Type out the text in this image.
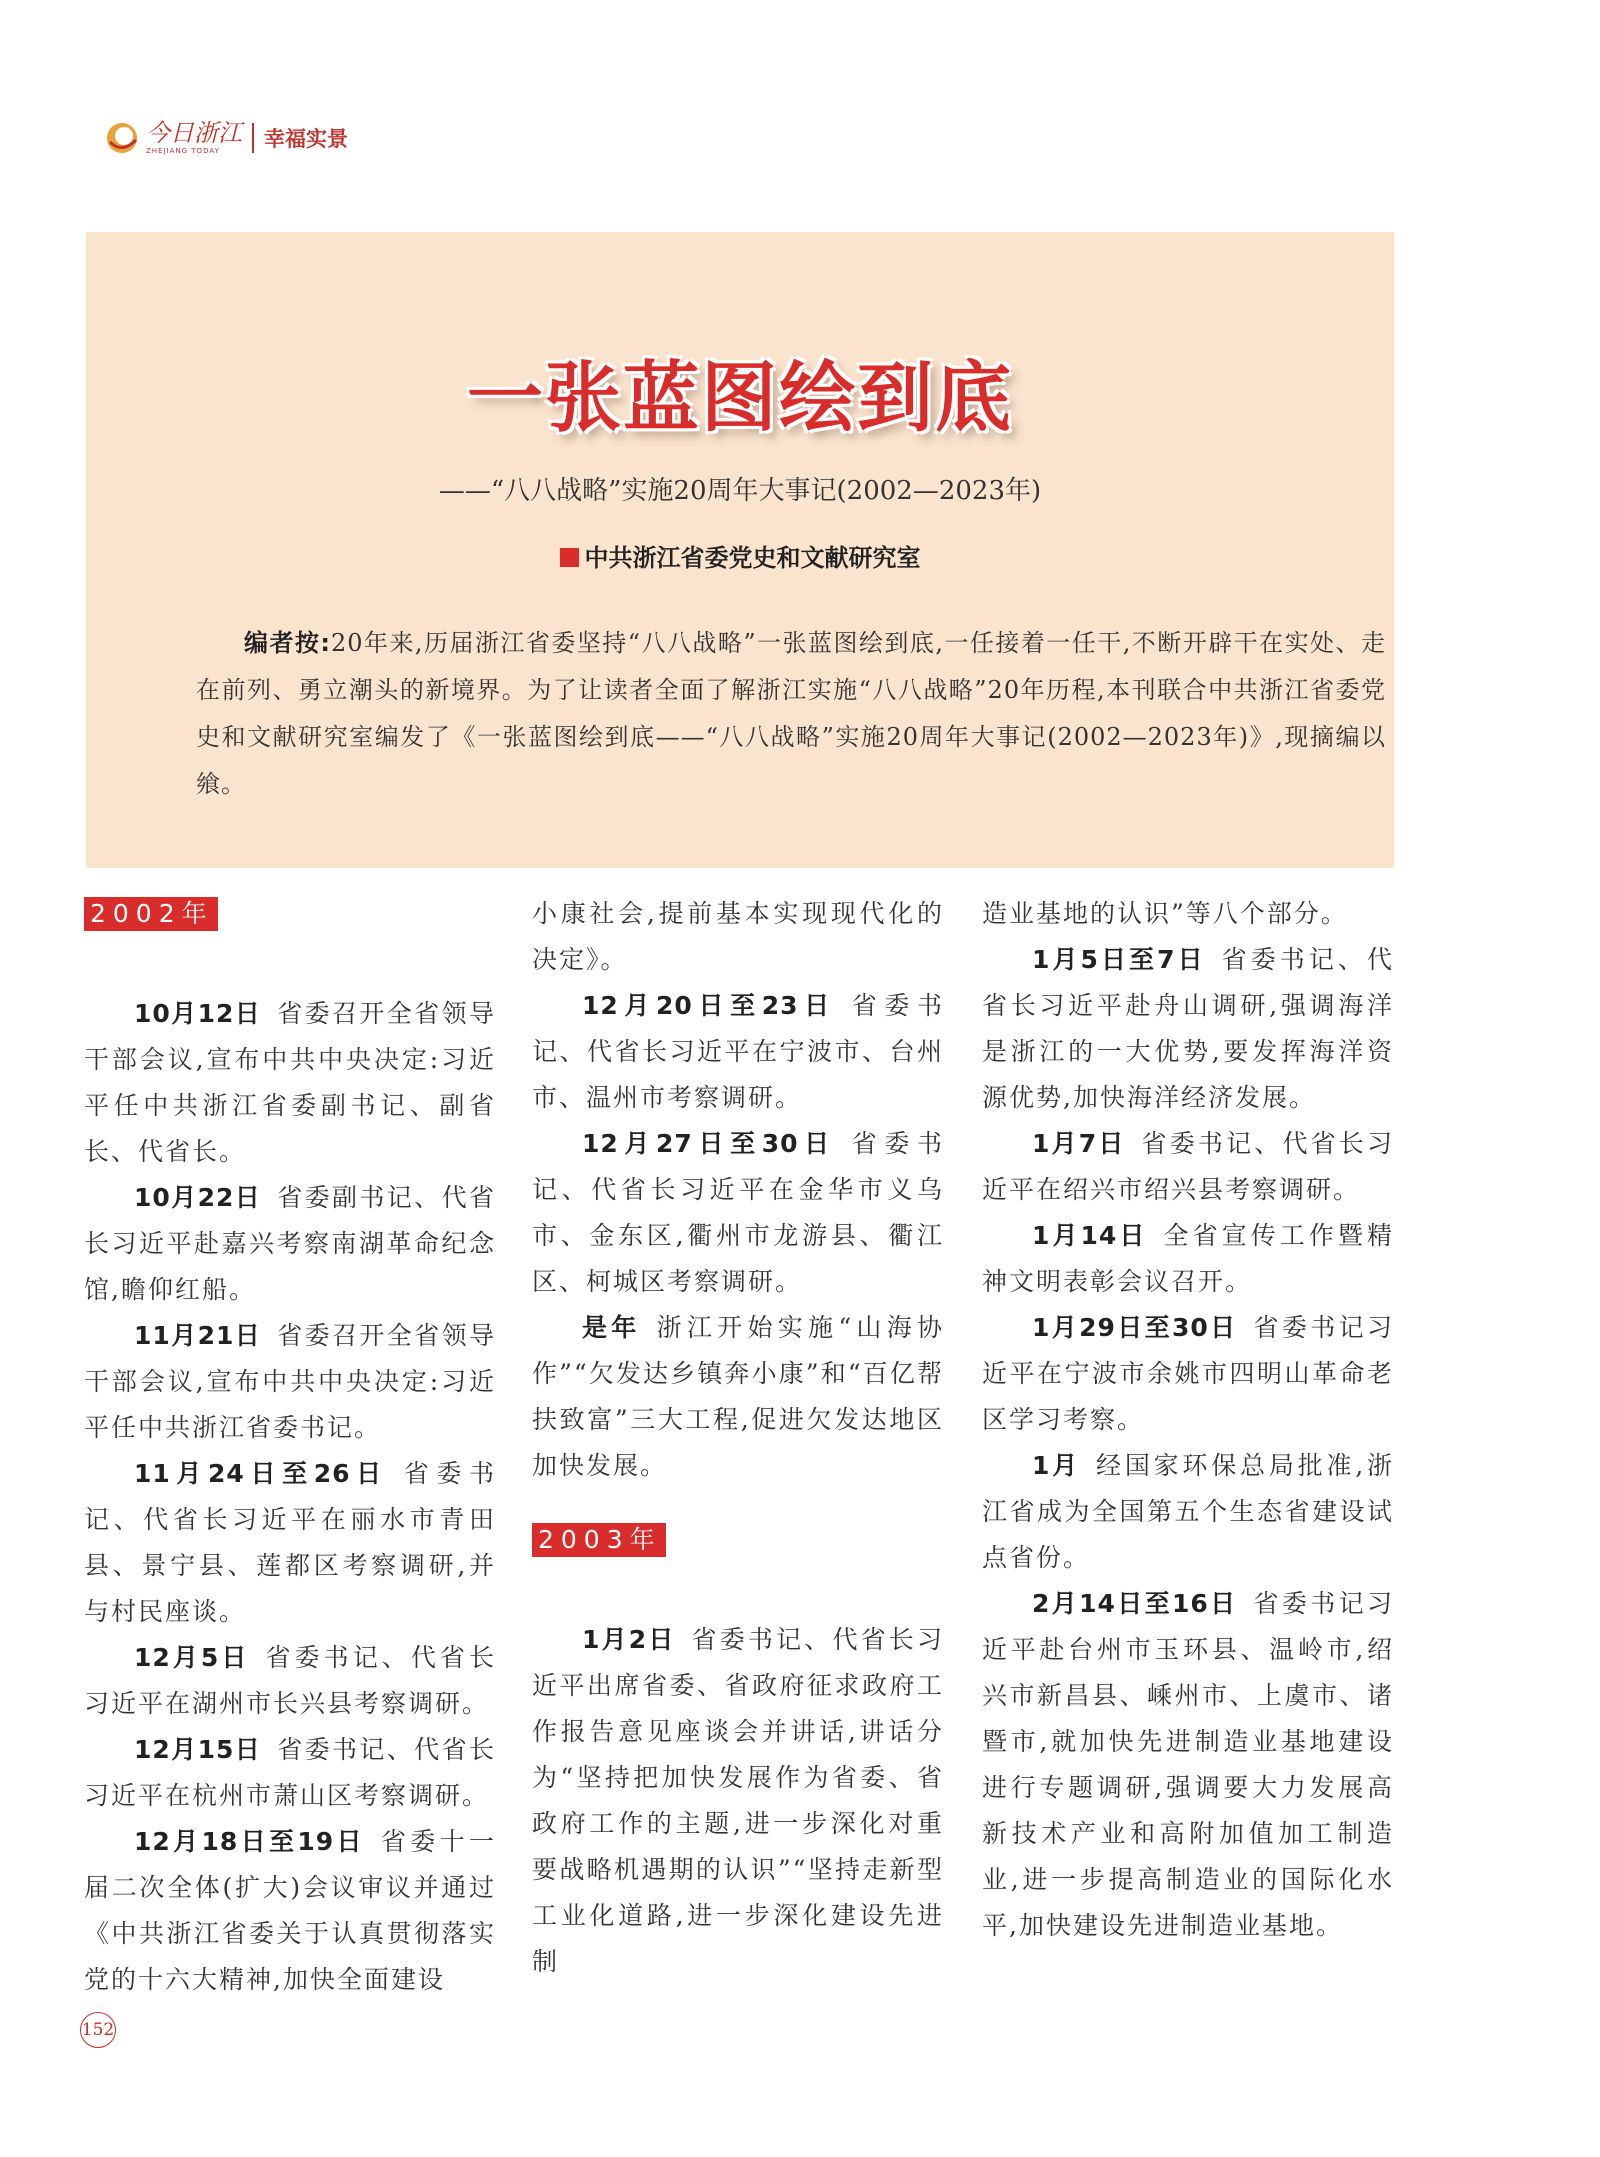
今日浙江
ZHEJIANG TODAY	幸福实景
一张蓝图绘到底
——“八八战略”实施20周年大事记(2002—2023年)
中共浙江省委党史和文献研究室
编者按:20年来,历届浙江省委坚持“八八战略”一张蓝图绘到底,一任接着一任干,不断开辟干在实处、走在前列、勇立潮头的新境界。为了让读者全面了解浙江实施“八八战略”20年历程,本刊联合中共浙江省委党史和文献研究室编发了《一张蓝图绘到底——“八八战略”实施20周年大事记(2002—2023年)》,现摘编以飨。
2002年

10月12日 省委召开全省领导干部会议,宣布中共中央决定:习近平任中共浙江省委副书记、副省长、代省长。

10月22日 省委副书记、代省长习近平赴嘉兴考察南湖革命纪念馆,瞻仰红船。

11月21日 省委召开全省领导干部会议,宣布中共中央决定:习近平任中共浙江省委书记。

11月24日至26日 省委书记、代省长习近平在丽水市青田县、景宁县、莲都区考察调研,并与村民座谈。

12月5日 省委书记、代省长习近平在湖州市长兴县考察调研。

12月15日 省委书记、代省长习近平在杭州市萧山区考察调研。

12月18日至19日 省委十一届二次全体(扩大)会议审议并通过《中共浙江省委关于认真贯彻落实党的十六大精神,加快全面建设

小康社会,提前基本实现现代化的决定》。

12月20日至23日 省委书记、代省长习近平在宁波市、台州市、温州市考察调研。

12月27日至30日 省委书记、代省长习近平在金华市义乌市、金东区,衢州市龙游县、衢江区、柯城区考察调研。

是年 浙江开始实施“山海协作”“欠发达乡镇奔小康”和“百亿帮扶致富”三大工程,促进欠发达地区加快发展。

2003年

1月2日 省委书记、代省长习近平出席省委、省政府征求政府工作报告意见座谈会并讲话,讲话分为“坚持把加快发展作为省委、省政府工作的主题,进一步深化对重要战略机遇期的认识”“坚持走新型工业化道路,进一步深化建设先进制

造业基地的认识”等八个部分。

1月5日至7日 省委书记、代省长习近平赴舟山调研,强调海洋是浙江的一大优势,要发挥海洋资源优势,加快海洋经济发展。

1月7日 省委书记、代省长习近平在绍兴市绍兴县考察调研。

1月14日 全省宣传工作暨精神文明表彰会议召开。

1月29日至30日 省委书记习近平在宁波市余姚市四明山革命老区学习考察。

1月 经国家环保总局批准,浙江省成为全国第五个生态省建设试点省份。

2月14日至16日 省委书记习近平赴台州市玉环县、温岭市,绍兴市新昌县、嵊州市、上虞市、诸暨市,就加快先进制造业基地建设进行专题调研,强调要大力发展高新技术产业和高附加值加工制造业,进一步提高制造业的国际化水平,加快建设先进制造业基地。

152
